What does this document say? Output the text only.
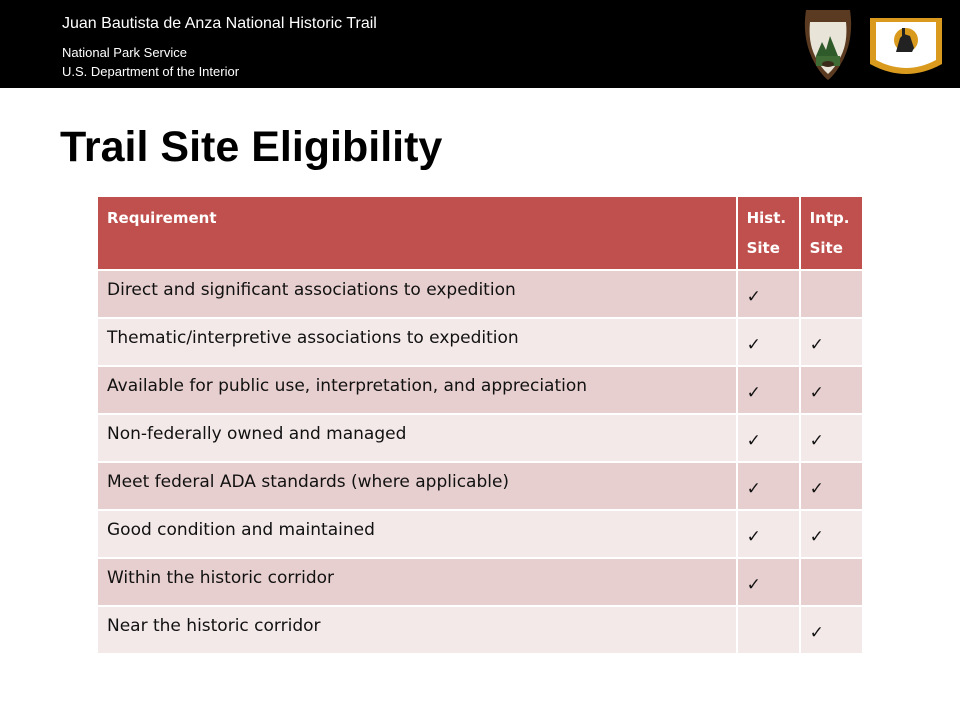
Juan Bautista de Anza National Historic Trail
National Park Service
U.S. Department of the Interior
Trail Site Eligibility
Requirement	Hist. Site	Intp. Site
Direct and significant associations to expedition	✓	
Thematic/interpretive associations to expedition	✓	✓
Available for public use, interpretation, and appreciation	✓	✓
Non-federally owned and managed	✓	✓
Meet federal ADA standards (where applicable)	✓	✓
Good condition and maintained	✓	✓
Within the historic corridor	✓	
Near the historic corridor		✓
